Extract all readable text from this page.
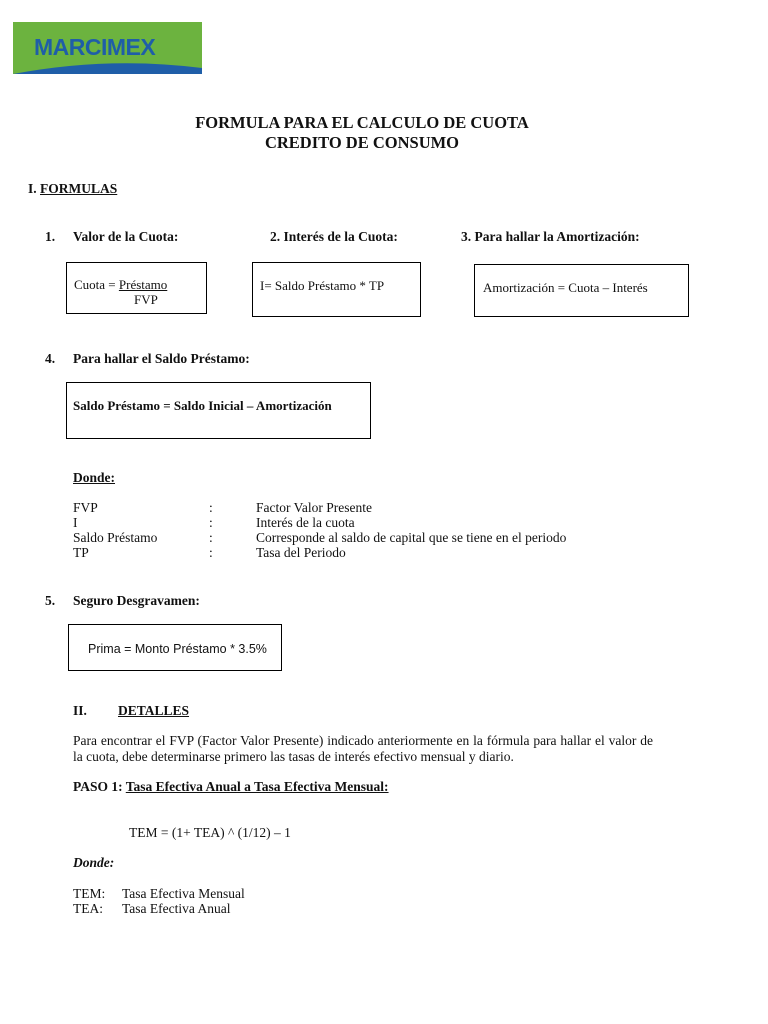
MARCIMEX
FORMULA PARA EL CALCULO DE CUOTA
CREDITO DE CONSUMO
I. FORMULAS
1. Valor de la Cuota:	2. Interés de la Cuota:	3. Para hallar la Amortización:
Cuota = Préstamo
FVP
I= Saldo Préstamo * TP	Amortización = Cuota – Interés
4. Para hallar el Saldo Préstamo:
Saldo Préstamo = Saldo Inicial – Amortización
Donde:
FVP	:	Factor Valor Presente
I	:	Interés de la cuota
Saldo Préstamo	:	Corresponde al saldo de capital que se tiene en el periodo
TP	:	Tasa del Periodo
5. Seguro Desgravamen:
Prima = Monto Préstamo * 3.5%
II. DETALLES
Para encontrar el FVP (Factor Valor Presente) indicado anteriormente en la fórmula para hallar el valor de la cuota, debe determinarse primero las tasas de interés efectivo mensual y diario.
PASO 1: Tasa Efectiva Anual a Tasa Efectiva Mensual:
TEM = (1+ TEA) ^ (1/12) – 1
Donde:
TEM: Tasa Efectiva Mensual
TEA: Tasa Efectiva Anual
